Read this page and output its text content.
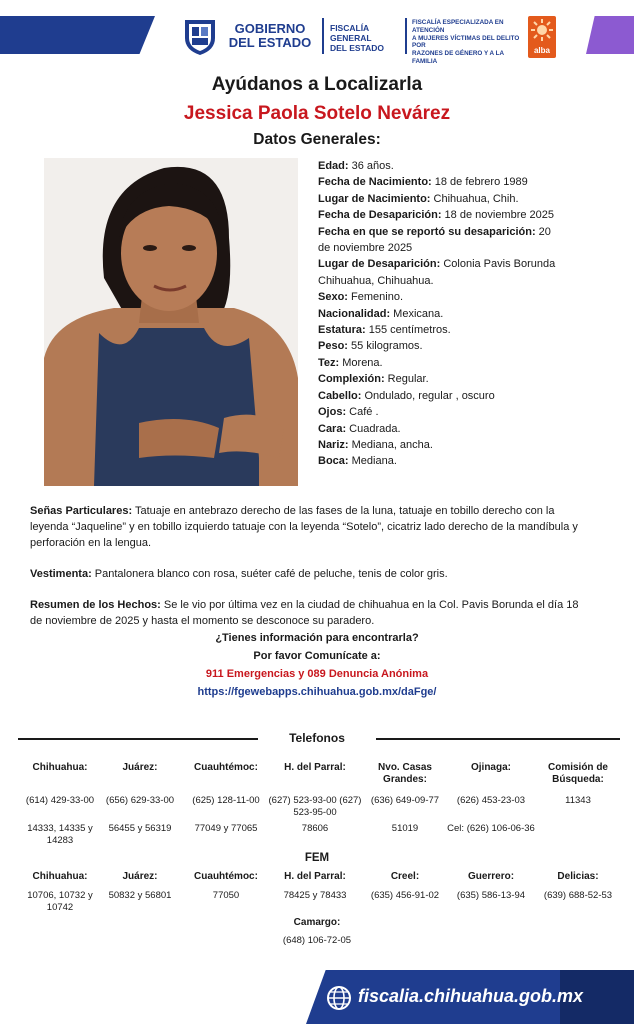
GOBIERNO
DEL ESTADO
FISCALÍA GENERAL
DEL ESTADO
FISCALÍA ESPECIALIZADA EN ATENCIÓN
A MUJERES VÍCTIMAS DEL DELITO POR
RAZONES DE GÉNERO Y A LA FAMILIA
alba
Ayúdanos a Localizarla
Jessica Paola Sotelo Nevárez
Datos Generales:
Edad: 36 años.
Fecha de Nacimiento: 18 de febrero 1989
Lugar de Nacimiento: Chihuahua, Chih.
Fecha de Desaparición: 18 de noviembre 2025
Fecha en que se reportó su desaparición: 20 de noviembre 2025
Lugar de Desaparición: Colonia Pavis Borunda Chihuahua, Chihuahua.
Sexo: Femenino.
Nacionalidad: Mexicana.
Estatura: 155 centímetros.
Peso: 55 kilogramos.
Tez: Morena.
Complexión: Regular.
Cabello: Ondulado, regular , oscuro
Ojos: Café .
Cara: Cuadrada.
Nariz: Mediana, ancha.
Boca: Mediana.
Señas Particulares: Tatuaje en antebrazo derecho de las fases de la luna, tatuaje en tobillo derecho con la leyenda “Jaqueline” y en tobillo izquierdo tatuaje con la leyenda “Sotelo”, cicatriz lado derecho de la mandíbula y perforación en la lengua.
Vestimenta: Pantalonera blanco con rosa, suéter café de peluche, tenis de color gris.
Resumen de los Hechos: Se le vio por última vez en la ciudad de chihuahua en la Col. Pavis Borunda el día 18 de noviembre de 2025 y hasta el momento se desconoce su paradero.
¿Tienes información para encontrarla?
Por favor Comunícate a:
911 Emergencias y 089 Denuncia Anónima
https://fgewebapps.chihuahua.gob.mx/daFge/
Telefonos
Chihuahua:
(614) 429-33-00
14333, 14335 y 14283
Juárez:
(656) 629-33-00
56455 y 56319
Cuauhtémoc:
(625) 128-11-00
77049 y 77065
H. del Parral:
(627) 523-93-00 (627) 523-95-00
78606
Nvo. Casas Grandes:
(636) 649-09-77
51019
Ojinaga:
(626) 453-23-03
Cel: (626) 106-06-36
Comisión de Búsqueda:
11343
FEM
Chihuahua:
10706, 10732 y 10742
Juárez:
50832 y 56801
Cuauhtémoc:
77050
H. del Parral:
78425 y 78433
Creel:
(635) 456-91-02
Guerrero:
(635) 586-13-94
Delicias:
(639) 688-52-53
Camargo:
(648) 106-72-05
fiscalia.chihuahua.gob.mx
